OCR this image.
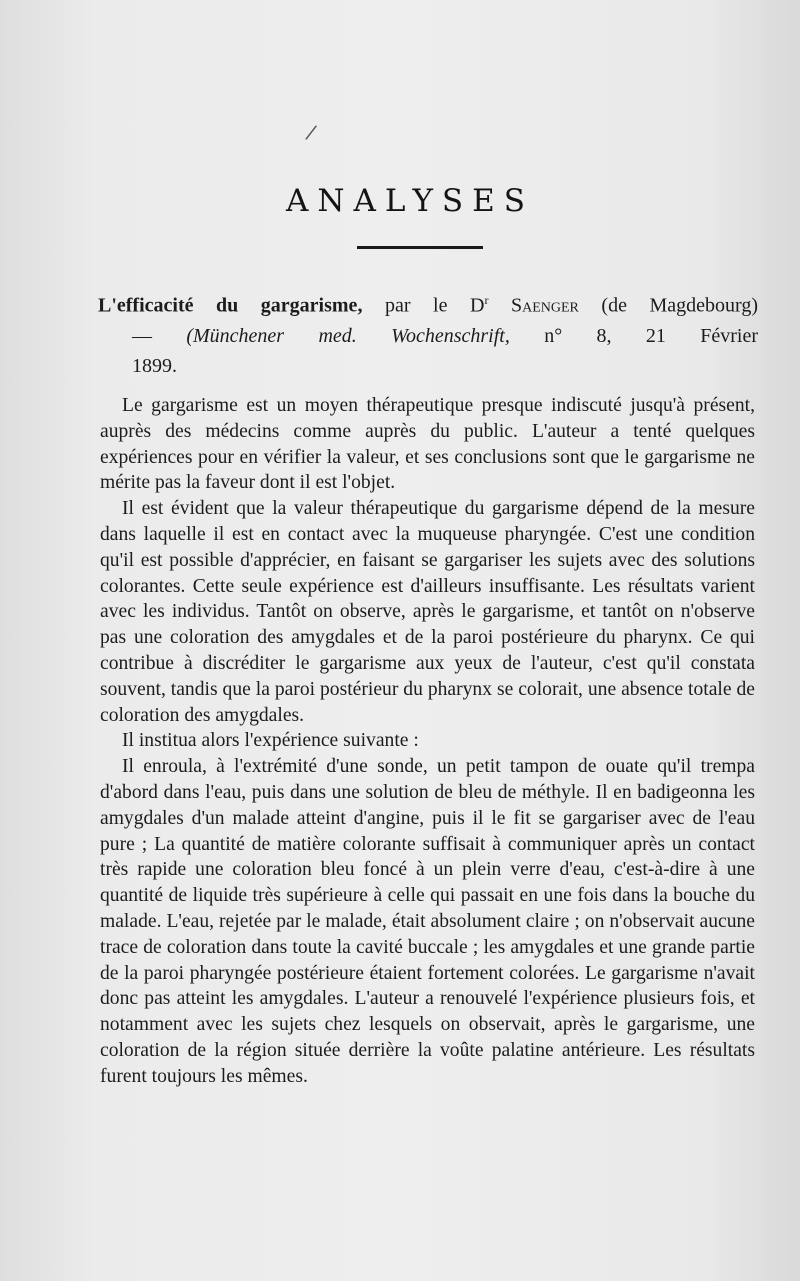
/
ANALYSES
L'efficacité du gargarisme, par le $D^r$ Saenger (de Magdebourg)
— (Münchener med. Wochenschrift, n° 8, 21 Février
1899.

Le gargarisme est un moyen thérapeutique presque indiscuté jusqu'à présent, auprès des médecins comme auprès du public. L'auteur a tenté quelques expériences pour en vérifier la valeur, et ses conclusions sont que le gargarisme ne mérite pas la faveur dont il est l'objet.

Il est évident que la valeur thérapeutique du gargarisme dépend de la mesure dans laquelle il est en contact avec la muqueuse pharyngée. C'est une condition qu'il est possible d'apprécier, en faisant se gargariser les sujets avec des solutions colorantes. Cette seule expérience est d'ailleurs insuffisante. Les résultats varient avec les individus. Tantôt on observe, après le gargarisme, et tantôt on n'observe pas une coloration des amygdales et de la paroi postérieure du pharynx. Ce qui contribue à discréditer le gargarisme aux yeux de l'auteur, c'est qu'il constata souvent, tandis que la paroi postérieur du pharynx se colorait, une absence totale de coloration des amygdales.

Il institua alors l'expérience suivante :

Il enroula, à l'extrémité d'une sonde, un petit tampon de ouate qu'il trempa d'abord dans l'eau, puis dans une solution de bleu de méthyle. Il en badigeonna les amygdales d'un malade atteint d'angine, puis il le fit se gargariser avec de l'eau pure ; La quantité de matière colorante suffisait à communiquer après un contact très rapide une coloration bleu foncé à un plein verre d'eau, c'est-à-dire à une quantité de liquide très supérieure à celle qui passait en une fois dans la bouche du malade. L'eau, rejetée par le malade, était absolument claire ; on n'observait aucune trace de coloration dans toute la cavité buccale ; les amygdales et une grande partie de la paroi pharyngée postérieure étaient fortement colorées. Le gargarisme n'avait donc pas atteint les amygdales. L'auteur a renouvelé l'expérience plusieurs fois, et notamment avec les sujets chez lesquels on observait, après le gargarisme, une coloration de la région située derrière la voûte palatine antérieure. Les résultats furent toujours les mêmes.
